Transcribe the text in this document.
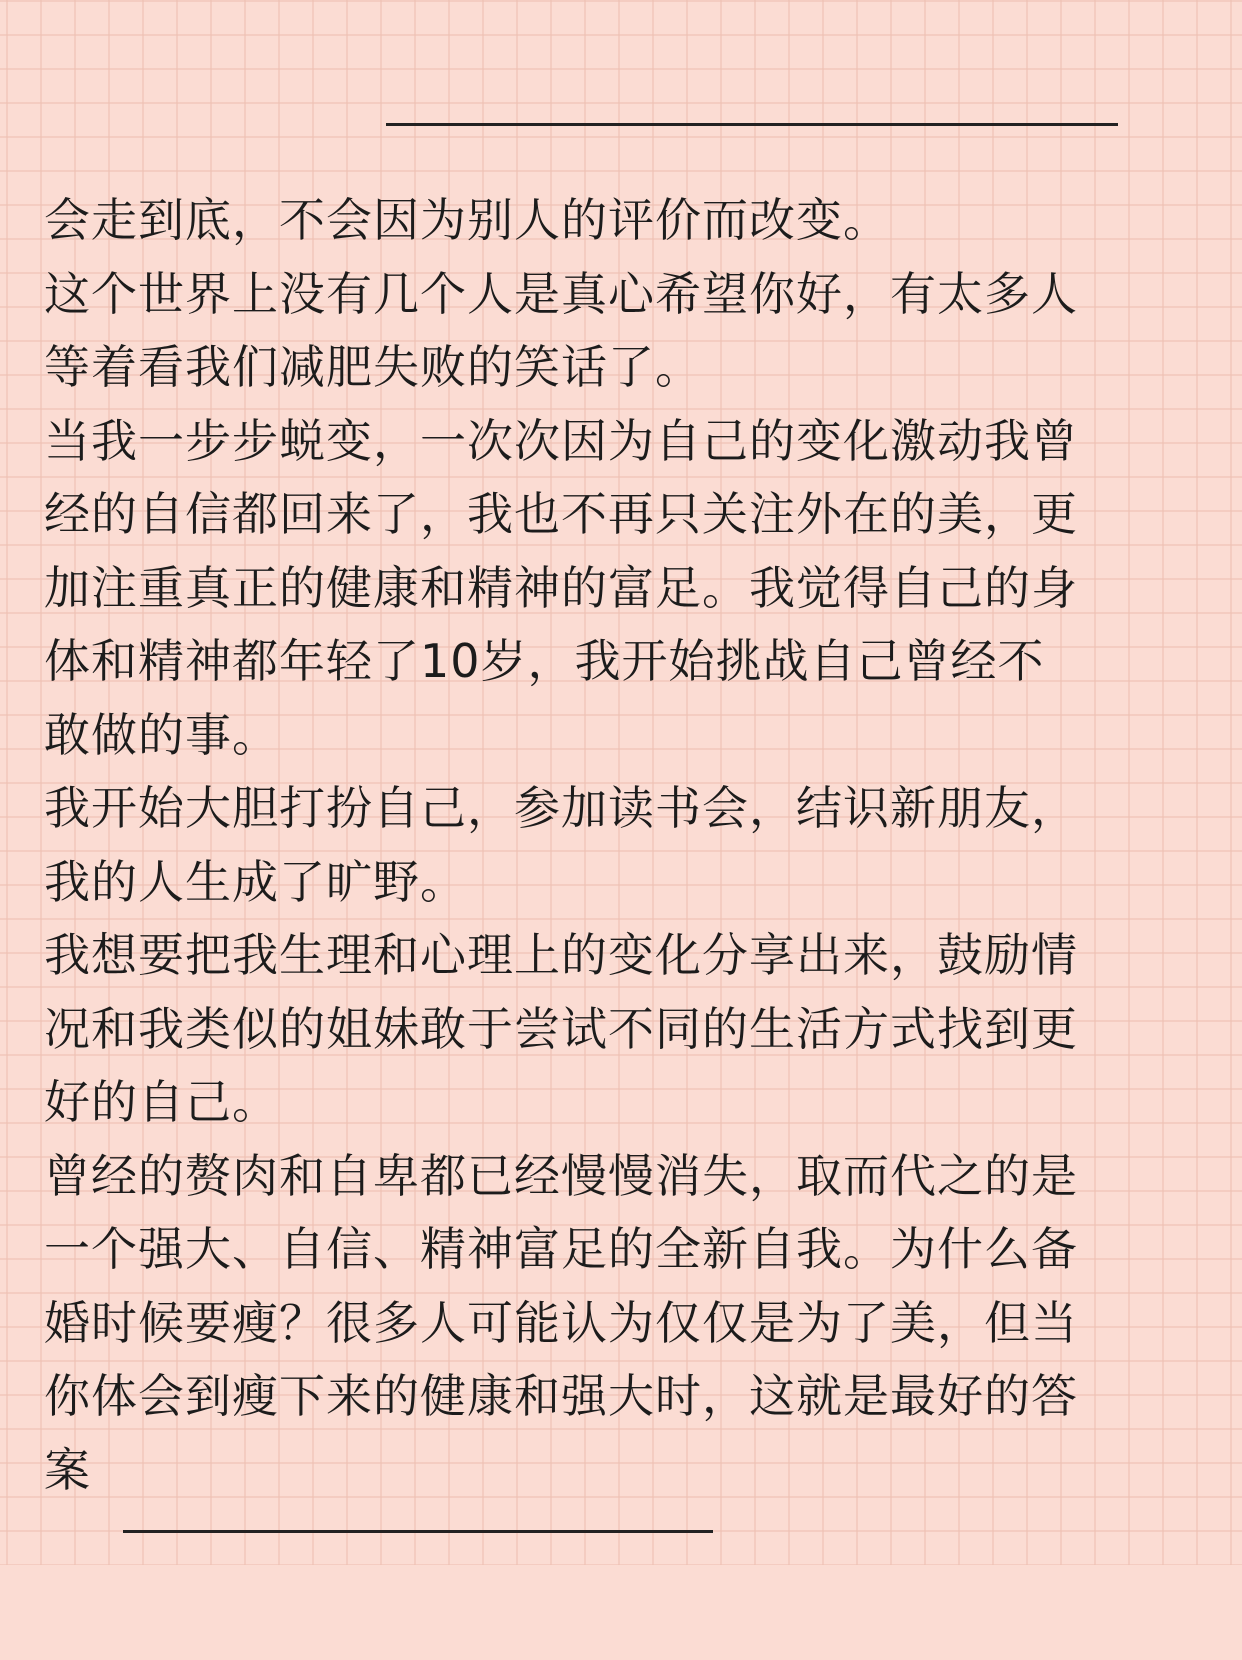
会走到底，不会因为别人的评价而改变。
这个世界上没有几个人是真心希望你好，有太多人
等着看我们减肥失败的笑话了。
当我一步步蜕变，一次次因为自己的变化激动我曾
经的自信都回来了，我也不再只关注外在的美，更
加注重真正的健康和精神的富足。我觉得自己的身
体和精神都年轻了10岁，我开始挑战自己曾经不
敢做的事。
我开始大胆打扮自己，参加读书会，结识新朋友，
我的人生成了旷野。
我想要把我生理和心理上的变化分享出来，鼓励情
况和我类似的姐妹敢于尝试不同的生活方式找到更
好的自己。
曾经的赘肉和自卑都已经慢慢消失，取而代之的是
一个强大、自信、精神富足的全新自我。为什么备
婚时候要瘦？很多人可能认为仅仅是为了美，但当
你体会到瘦下来的健康和强大时，这就是最好的答
案
